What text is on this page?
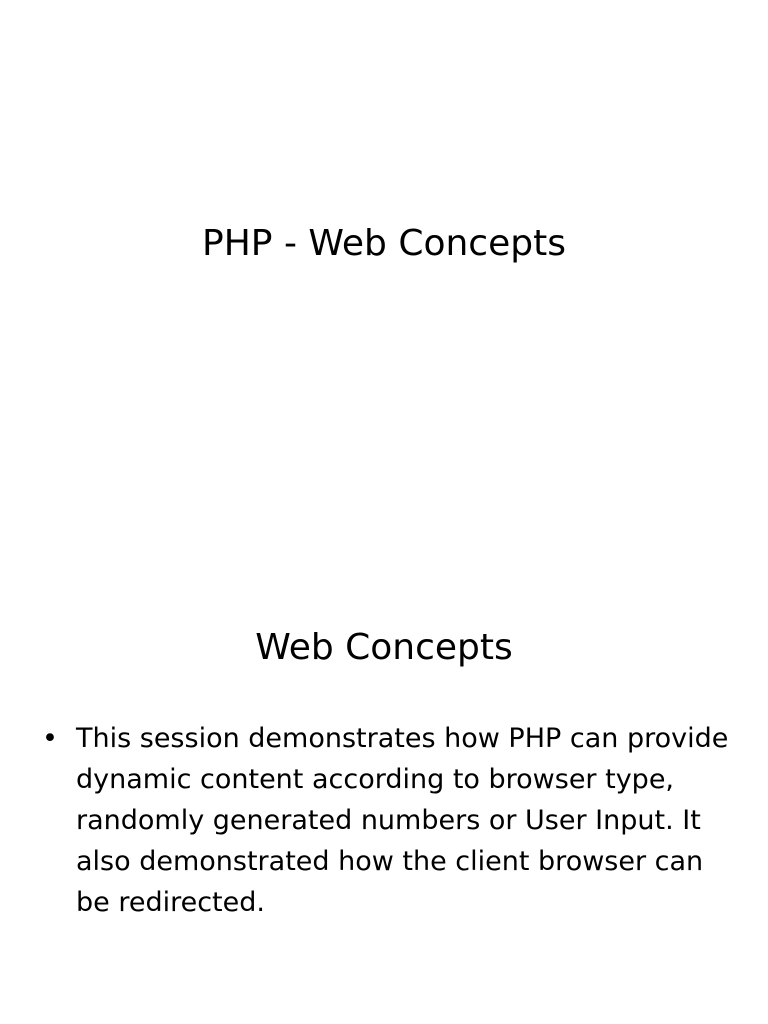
PHP - Web Concepts
Web Concepts
• This session demonstrates how PHP can provide dynamic content according to browser type, randomly generated numbers or User Input. It also demonstrated how the client browser can be redirected.
